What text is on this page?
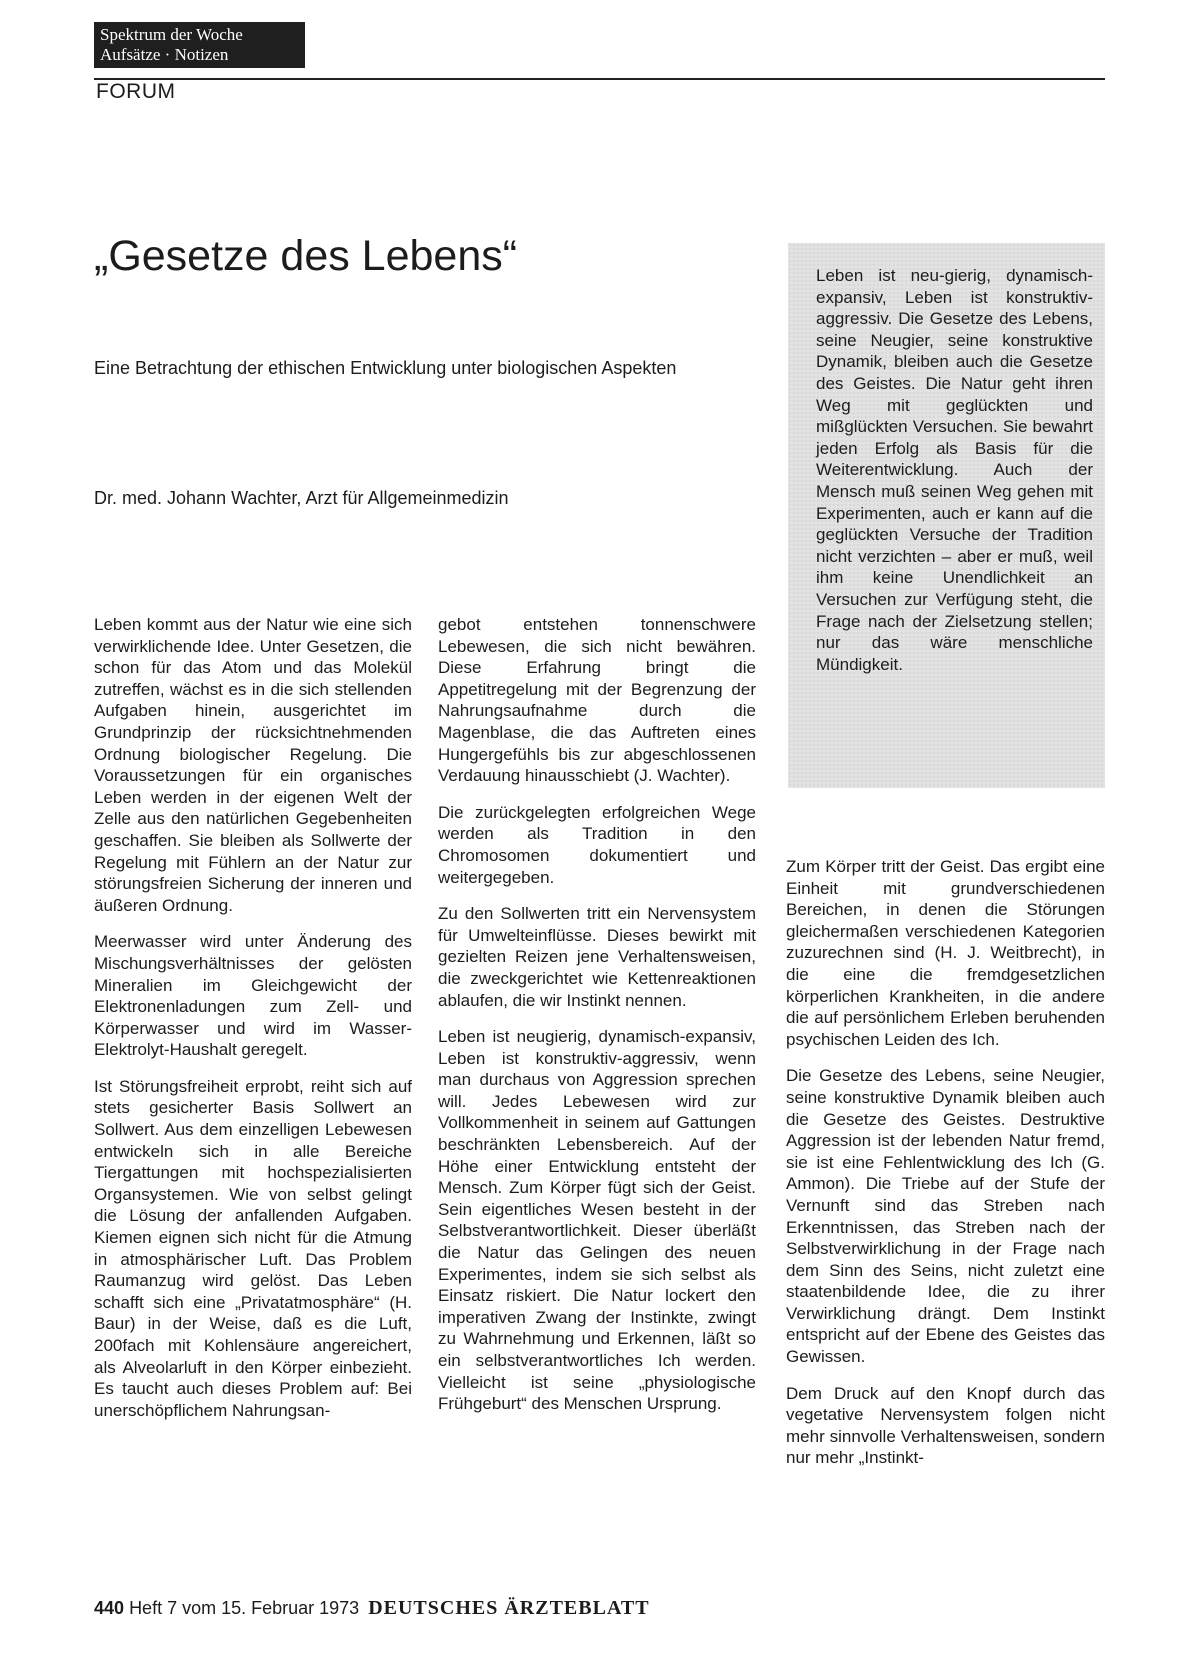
Spektrum der Woche
Aufsätze · Notizen
FORUM
„Gesetze des Lebens“
Eine Betrachtung der ethischen Entwicklung unter biologischen Aspekten
Dr. med. Johann Wachter, Arzt für Allgemeinmedizin
Leben ist neu-gierig, dynamisch-expansiv, Leben ist konstruktiv-aggressiv. Die Gesetze des Lebens, seine Neugier, seine konstruktive Dynamik, bleiben auch die Gesetze des Geistes. Die Natur geht ihren Weg mit geglückten und mißglückten Versuchen. Sie bewahrt jeden Erfolg als Basis für die Weiterentwicklung. Auch der Mensch muß seinen Weg gehen mit Experimenten, auch er kann auf die geglückten Versuche der Tradition nicht verzichten – aber er muß, weil ihm keine Unendlichkeit an Versuchen zur Verfügung steht, die Frage nach der Zielsetzung stellen; nur das wäre menschliche Mündigkeit.

Leben kommt aus der Natur wie eine sich verwirklichende Idee. Unter Gesetzen, die schon für das Atom und das Molekül zutreffen, wächst es in die sich stellenden Aufgaben hinein, ausgerichtet im Grundprinzip der rücksichtnehmenden Ordnung biologischer Regelung. Die Voraussetzungen für ein organisches Leben werden in der eigenen Welt der Zelle aus den natürlichen Gegebenheiten geschaffen. Sie bleiben als Sollwerte der Regelung mit Fühlern an der Natur zur störungsfreien Sicherung der inneren und äußeren Ordnung.

Meerwasser wird unter Änderung des Mischungsverhältnisses der gelösten Mineralien im Gleichgewicht der Elektronenladungen zum Zell- und Körperwasser und wird im Wasser-Elektrolyt-Haushalt geregelt.

Ist Störungsfreiheit erprobt, reiht sich auf stets gesicherter Basis Sollwert an Sollwert. Aus dem einzelligen Lebewesen entwickeln sich in alle Bereiche Tiergattungen mit hochspezialisierten Organsystemen. Wie von selbst gelingt die Lösung der anfallenden Aufgaben. Kiemen eignen sich nicht für die Atmung in atmosphärischer Luft. Das Problem Raumanzug wird gelöst. Das Leben schafft sich eine „Privatatmosphäre“ (H. Baur) in der Weise, daß es die Luft, 200fach mit Kohlensäure angereichert, als Alveolarluft in den Körper einbezieht. Es taucht auch dieses Problem auf: Bei unerschöpflichem Nahrungsan-

gebot entstehen tonnenschwere Lebewesen, die sich nicht bewähren. Diese Erfahrung bringt die Appetitregelung mit der Begrenzung der Nahrungsaufnahme durch die Magenblase, die das Auftreten eines Hungergefühls bis zur abgeschlossenen Verdauung hinausschiebt (J. Wachter).

Die zurückgelegten erfolgreichen Wege werden als Tradition in den Chromosomen dokumentiert und weitergegeben.

Zu den Sollwerten tritt ein Nervensystem für Umwelteinflüsse. Dieses bewirkt mit gezielten Reizen jene Verhaltensweisen, die zweckgerichtet wie Kettenreaktionen ablaufen, die wir Instinkt nennen.

Leben ist neugierig, dynamisch-expansiv, Leben ist konstruktiv-aggressiv, wenn man durchaus von Aggression sprechen will. Jedes Lebewesen wird zur Vollkommenheit in seinem auf Gattungen beschränkten Lebensbereich. Auf der Höhe einer Entwicklung entsteht der Mensch. Zum Körper fügt sich der Geist. Sein eigentliches Wesen besteht in der Selbstverantwortlichkeit. Dieser überläßt die Natur das Gelingen des neuen Experimentes, indem sie sich selbst als Einsatz riskiert. Die Natur lockert den imperativen Zwang der Instinkte, zwingt zu Wahrnehmung und Erkennen, läßt so ein selbstverantwortliches Ich werden. Vielleicht ist seine „physiologische Frühgeburt“ des Menschen Ursprung.

Zum Körper tritt der Geist. Das ergibt eine Einheit mit grundverschiedenen Bereichen, in denen die Störungen gleichermaßen verschiedenen Kategorien zuzurechnen sind (H. J. Weitbrecht), in die eine die fremdgesetzlichen körperlichen Krankheiten, in die andere die auf persönlichem Erleben beruhenden psychischen Leiden des Ich.

Die Gesetze des Lebens, seine Neugier, seine konstruktive Dynamik bleiben auch die Gesetze des Geistes. Destruktive Aggression ist der lebenden Natur fremd, sie ist eine Fehlentwicklung des Ich (G. Ammon). Die Triebe auf der Stufe der Vernunft sind das Streben nach Erkenntnissen, das Streben nach der Selbstverwirklichung in der Frage nach dem Sinn des Seins, nicht zuletzt eine staatenbildende Idee, die zu ihrer Verwirklichung drängt. Dem Instinkt entspricht auf der Ebene des Geistes das Gewissen.

Dem Druck auf den Knopf durch das vegetative Nervensystem folgen nicht mehr sinnvolle Verhaltensweisen, sondern nur mehr „Instinkt-

440 Heft 7 vom 15. Februar 1973 DEUTSCHES ÄRZTEBLATT
